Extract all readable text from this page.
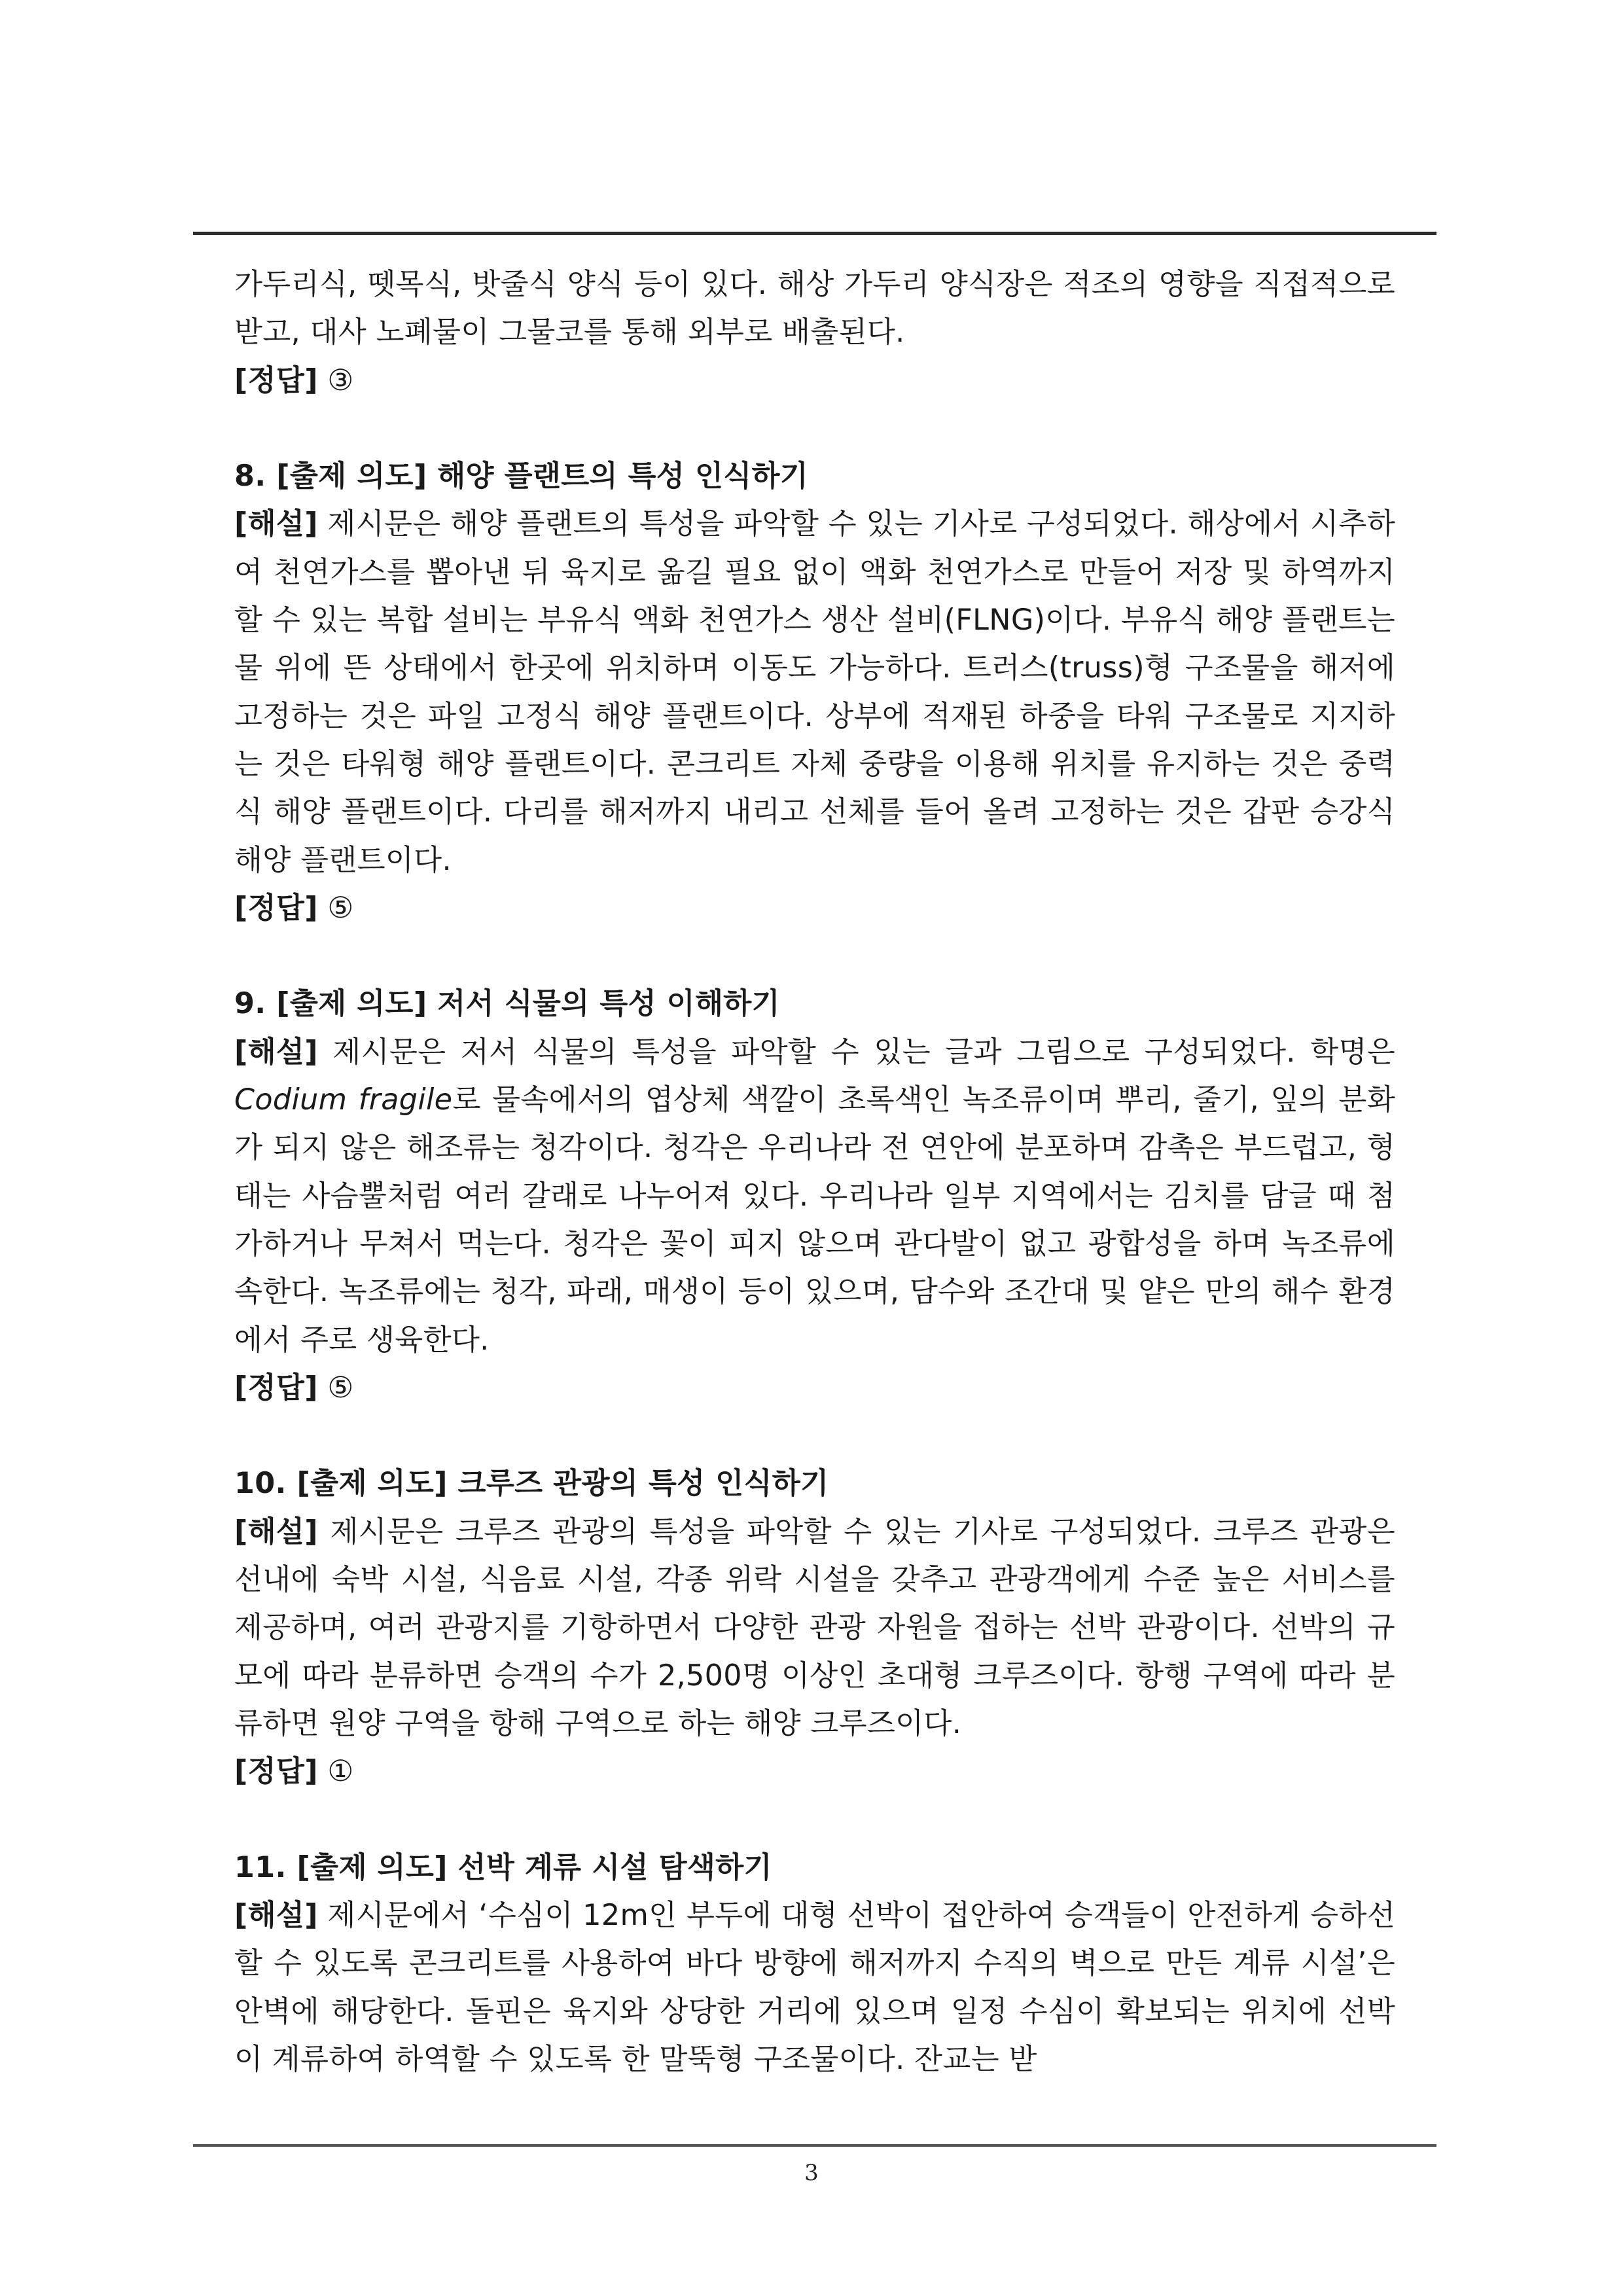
가두리식, 뗏목식, 밧줄식 양식 등이 있다. 해상 가두리 양식장은 적조의 영향을 직접적으로 받고, 대사 노폐물이 그물코를 통해 외부로 배출된다.

[정답] ③

8. [출제 의도] 해양 플랜트의 특성 인식하기

[해설] 제시문은 해양 플랜트의 특성을 파악할 수 있는 기사로 구성되었다. 해상에서 시추하여 천연가스를 뽑아낸 뒤 육지로 옮길 필요 없이 액화 천연가스로 만들어 저장 및 하역까지 할 수 있는 복합 설비는 부유식 액화 천연가스 생산 설비(FLNG)이다. 부유식 해양 플랜트는 물 위에 뜬 상태에서 한곳에 위치하며 이동도 가능하다. 트러스(truss)형 구조물을 해저에 고정하는 것은 파일 고정식 해양 플랜트이다. 상부에 적재된 하중을 타워 구조물로 지지하는 것은 타워형 해양 플랜트이다. 콘크리트 자체 중량을 이용해 위치를 유지하는 것은 중력식 해양 플랜트이다. 다리를 해저까지 내리고 선체를 들어 올려 고정하는 것은 갑판 승강식 해양 플랜트이다.

[정답] ⑤

9. [출제 의도] 저서 식물의 특성 이해하기

[해설] 제시문은 저서 식물의 특성을 파악할 수 있는 글과 그림으로 구성되었다. 학명은 Codium fragile로 물속에서의 엽상체 색깔이 초록색인 녹조류이며 뿌리, 줄기, 잎의 분화가 되지 않은 해조류는 청각이다. 청각은 우리나라 전 연안에 분포하며 감촉은 부드럽고, 형태는 사슴뿔처럼 여러 갈래로 나누어져 있다. 우리나라 일부 지역에서는 김치를 담글 때 첨가하거나 무쳐서 먹는다. 청각은 꽃이 피지 않으며 관다발이 없고 광합성을 하며 녹조류에 속한다. 녹조류에는 청각, 파래, 매생이 등이 있으며, 담수와 조간대 및 얕은 만의 해수 환경에서 주로 생육한다.

[정답] ⑤

10. [출제 의도] 크루즈 관광의 특성 인식하기

[해설] 제시문은 크루즈 관광의 특성을 파악할 수 있는 기사로 구성되었다. 크루즈 관광은 선내에 숙박 시설, 식음료 시설, 각종 위락 시설을 갖추고 관광객에게 수준 높은 서비스를 제공하며, 여러 관광지를 기항하면서 다양한 관광 자원을 접하는 선박 관광이다. 선박의 규모에 따라 분류하면 승객의 수가 2,500명 이상인 초대형 크루즈이다. 항행 구역에 따라 분류하면 원양 구역을 항해 구역으로 하는 해양 크루즈이다.

[정답] ①

11. [출제 의도] 선박 계류 시설 탐색하기

[해설] 제시문에서 ‘수심이 12m인 부두에 대형 선박이 접안하여 승객들이 안전하게 승하선할 수 있도록 콘크리트를 사용하여 바다 방향에 해저까지 수직의 벽으로 만든 계류 시설’은 안벽에 해당한다. 돌핀은 육지와 상당한 거리에 있으며 일정 수심이 확보되는 위치에 선박이 계류하여 하역할 수 있도록 한 말뚝형 구조물이다. 잔교는 받

3
